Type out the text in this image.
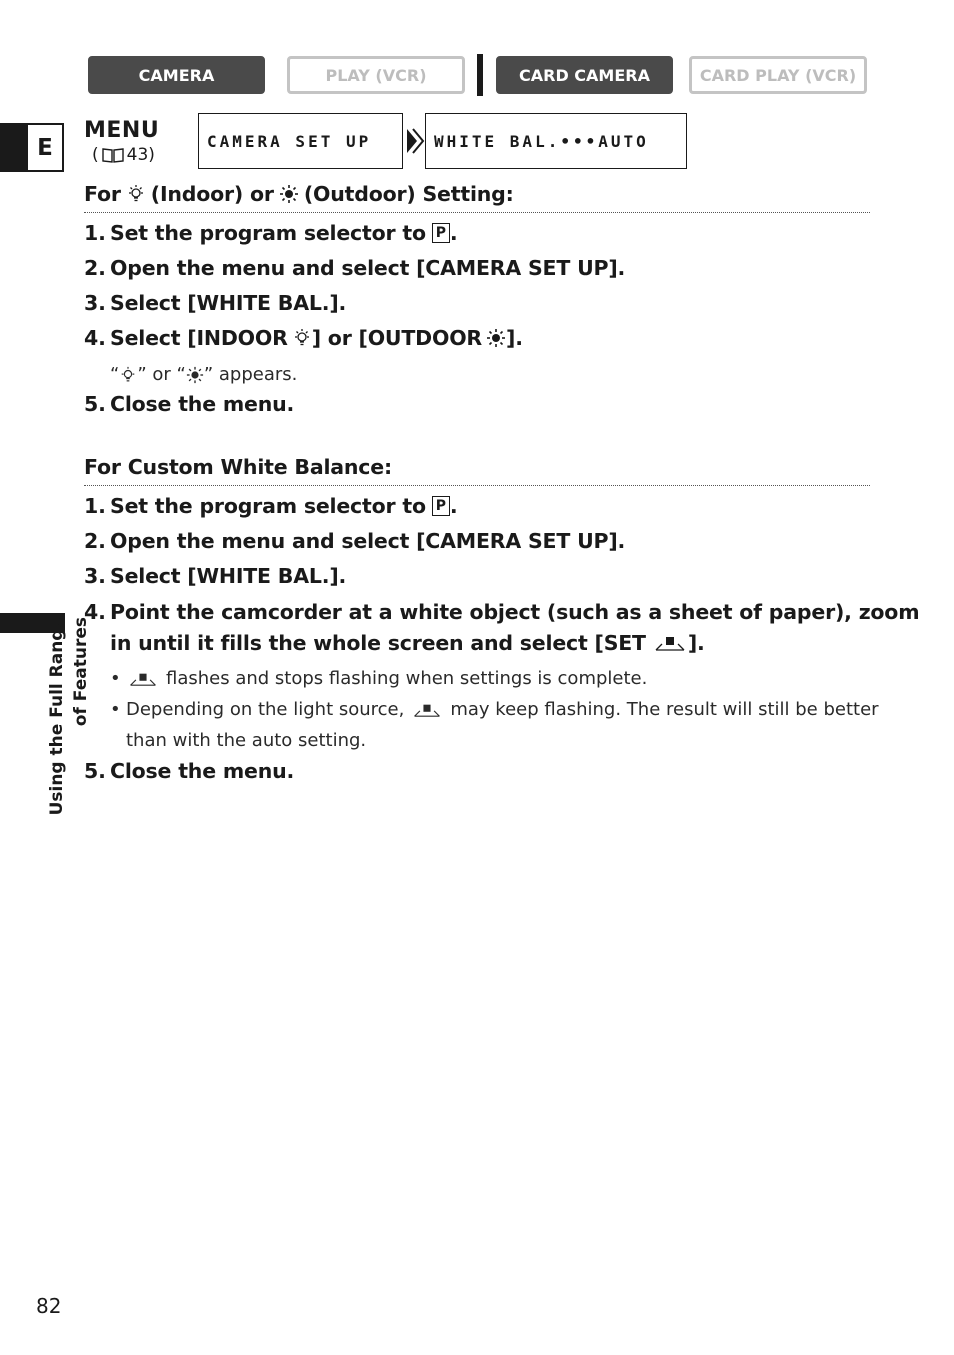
CAMERA	PLAY (VCR)	CARD CAMERA	CARD PLAY (VCR)
E
MENU
( 43)
CAMERA SET UP	WHITE BAL.•••AUTO
For (Indoor) or (Outdoor) Setting:
1. Set the program selector to P .
2. Open the menu and select [CAMERA SET UP].
3. Select [WHITE BAL.].
4. Select [INDOOR ] or [OUTDOOR ].
“ ” or “ ” appears.
5. Close the menu.
For Custom White Balance:
1. Set the program selector to P .
2. Open the menu and select [CAMERA SET UP].
3. Select [WHITE BAL.].
4. Point the camcorder at a white object (such as a sheet of paper), zoom
in until it fills the whole screen and select [SET ].
•	flashes and stops flashing when settings is complete.
• Depending on the light source,	may keep flashing. The result will still be better
than with the auto setting.
5. Close the menu.
Using the Full Range of Features
82
